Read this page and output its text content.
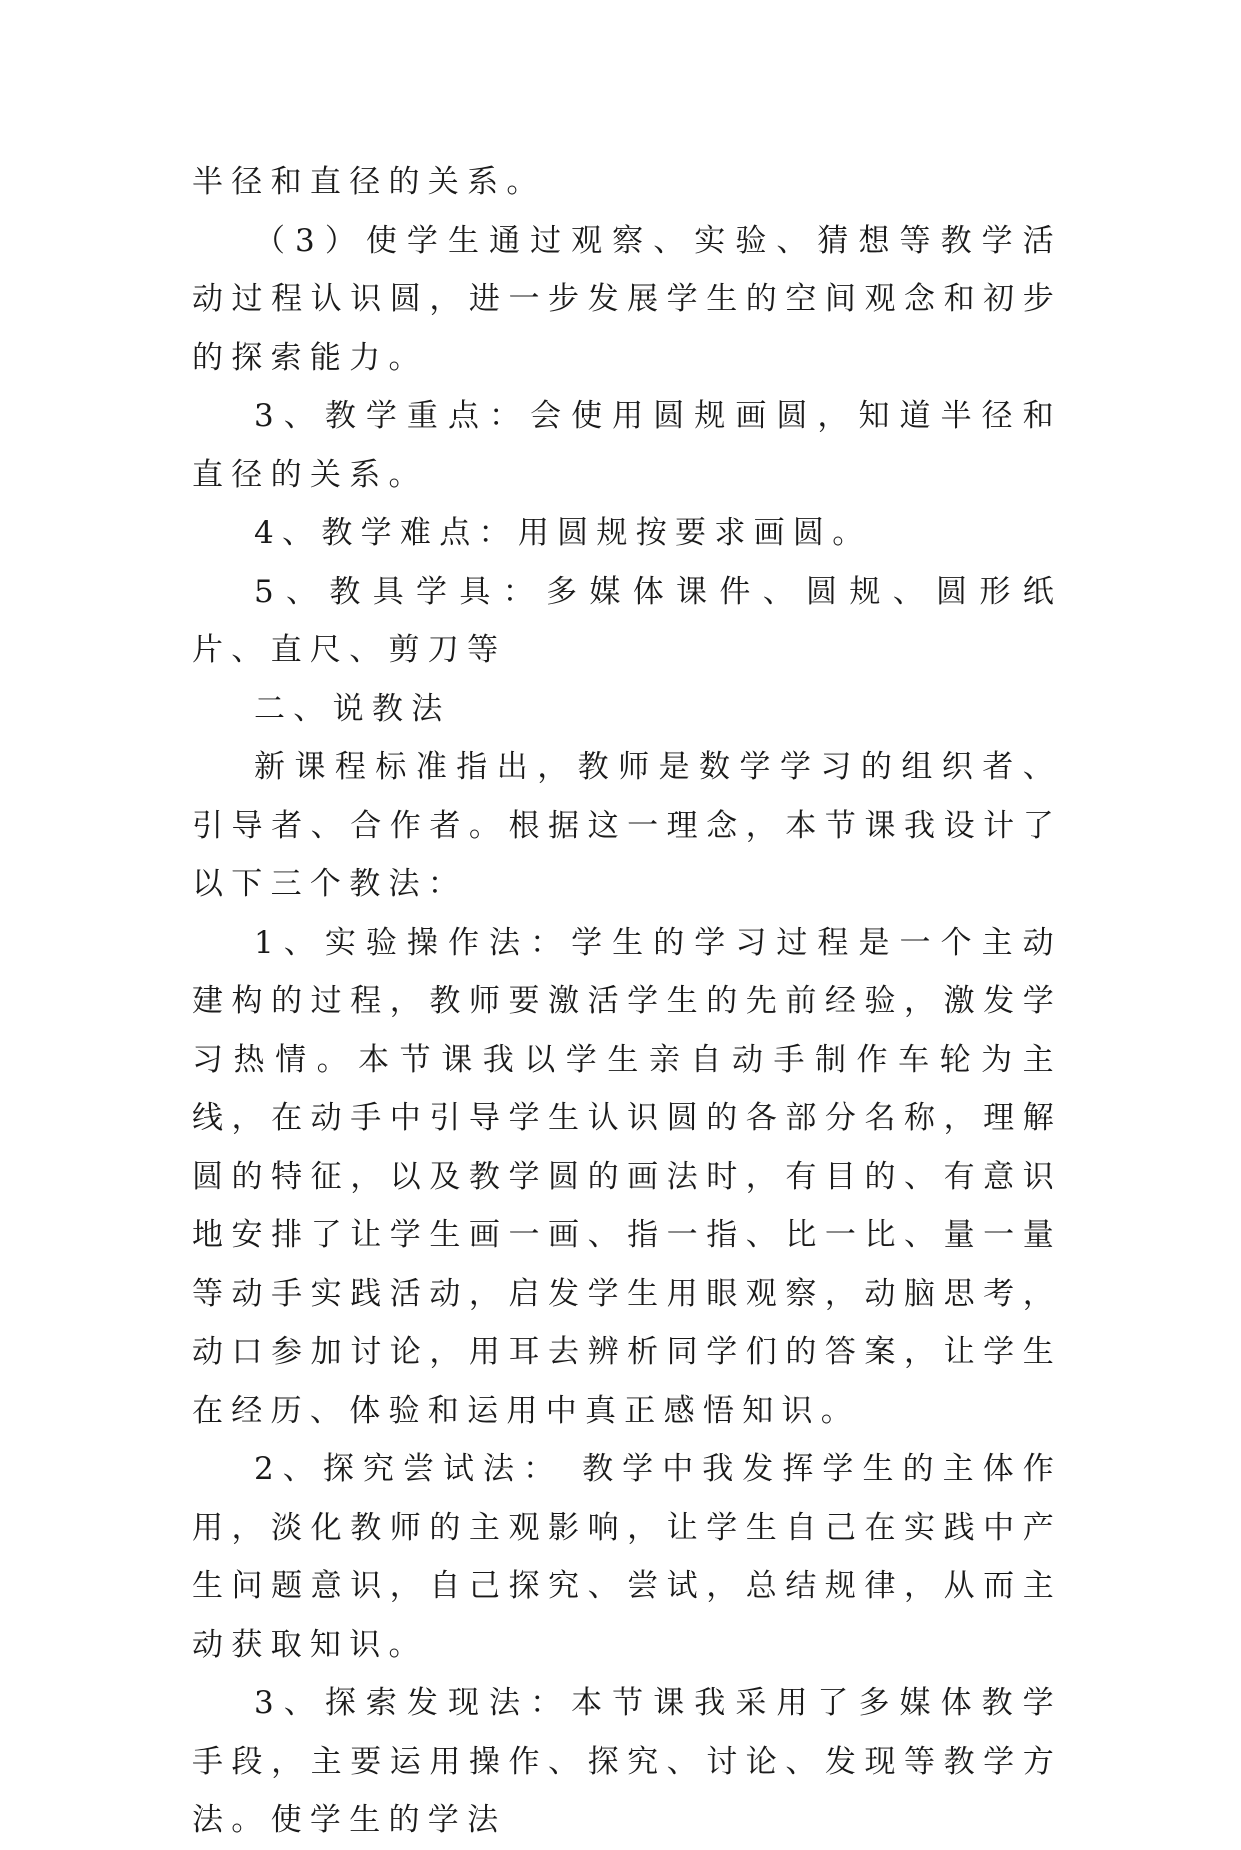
半径和直径的关系。

（3）使学生通过观察、实验、猜想等教学活动过程认识圆，进一步发展学生的空间观念和初步的探索能力。

3、教学重点：会使用圆规画圆，知道半径和直径的关系。

4、教学难点：用圆规按要求画圆。

5、教具学具：多媒体课件、圆规、圆形纸片、直尺、剪刀等

二、说教法

新课程标准指出，教师是数学学习的组织者、引导者、合作者。根据这一理念，本节课我设计了以下三个教法：

1、实验操作法：学生的学习过程是一个主动建构的过程，教师要激活学生的先前经验，激发学习热情。本节课我以学生亲自动手制作车轮为主线，在动手中引导学生认识圆的各部分名称，理解圆的特征，以及教学圆的画法时，有目的、有意识地安排了让学生画一画、指一指、比一比、量一量等动手实践活动，启发学生用眼观察，动脑思考，动口参加讨论，用耳去辨析同学们的答案，让学生在经历、体验和运用中真正感悟知识。

2、探究尝试法： 教学中我发挥学生的主体作用，淡化教师的主观影响，让学生自己在实践中产生问题意识，自己探究、尝试，总结规律，从而主动获取知识。

3、探索发现法：本节课我采用了多媒体教学手段，主要运用操作、探究、讨论、发现等教学方法。使学生的学法
